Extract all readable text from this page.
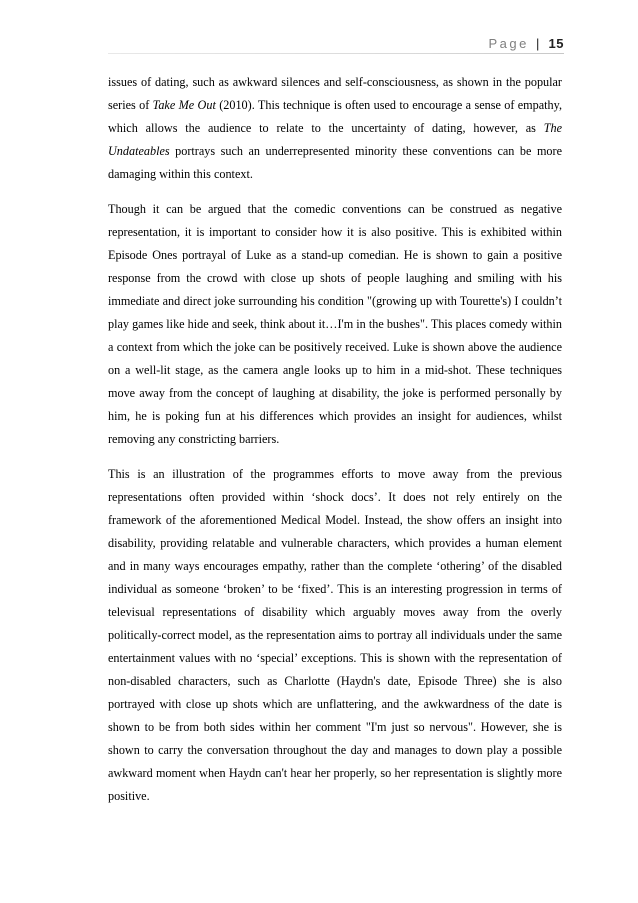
Page | 15

issues of dating, such as awkward silences and self-consciousness, as shown in the popular series of Take Me Out (2010). This technique is often used to encourage a sense of empathy, which allows the audience to relate to the uncertainty of dating, however, as The Undateables portrays such an underrepresented minority these conventions can be more damaging within this context.

Though it can be argued that the comedic conventions can be construed as negative representation, it is important to consider how it is also positive. This is exhibited within Episode Ones portrayal of Luke as a stand-up comedian. He is shown to gain a positive response from the crowd with close up shots of people laughing and smiling with his immediate and direct joke surrounding his condition "(growing up with Tourette's) I couldn’t play games like hide and seek, think about it…I'm in the bushes". This places comedy within a context from which the joke can be positively received. Luke is shown above the audience on a well-lit stage, as the camera angle looks up to him in a mid-shot. These techniques move away from the concept of laughing at disability, the joke is performed personally by him, he is poking fun at his differences which provides an insight for audiences, whilst removing any constricting barriers.

This is an illustration of the programmes efforts to move away from the previous representations often provided within ‘shock docs’. It does not rely entirely on the framework of the aforementioned Medical Model. Instead, the show offers an insight into disability, providing relatable and vulnerable characters, which provides a human element and in many ways encourages empathy, rather than the complete ‘othering’ of the disabled individual as someone ‘broken’ to be ‘fixed’. This is an interesting progression in terms of televisual representations of disability which arguably moves away from the overly politically-correct model, as the representation aims to portray all individuals under the same entertainment values with no ‘special’ exceptions. This is shown with the representation of non-disabled characters, such as Charlotte (Haydn's date, Episode Three) she is also portrayed with close up shots which are unflattering, and the awkwardness of the date is shown to be from both sides within her comment "I'm just so nervous". However, she is shown to carry the conversation throughout the day and manages to down play a possible awkward moment when Haydn can't hear her properly, so her representation is slightly more positive.
